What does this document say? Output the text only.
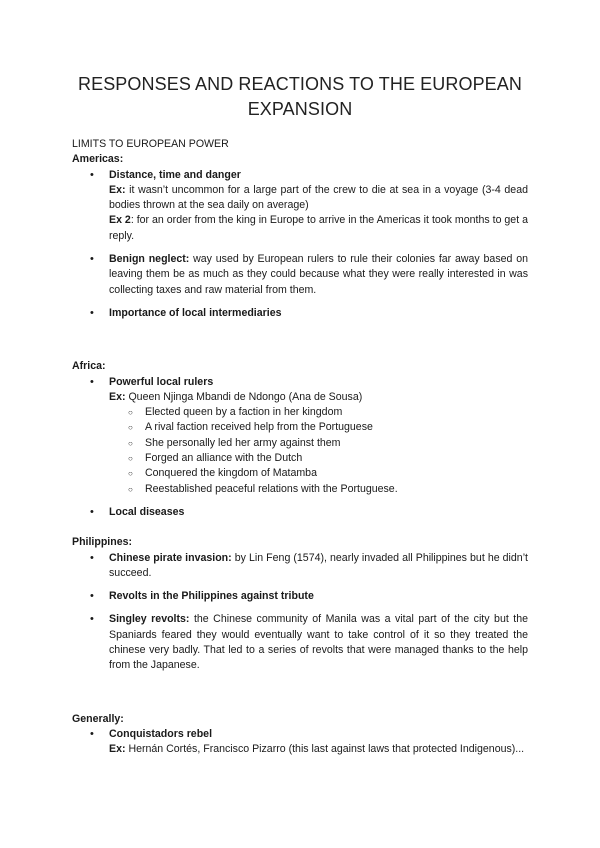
RESPONSES AND REACTIONS TO THE EUROPEAN EXPANSION

LIMITS TO EUROPEAN POWER

Americas:

• Distance, time and danger
Ex: it wasn’t uncommon for a large part of the crew to die at sea in a voyage (3-4 dead bodies thrown at the sea daily on average)
Ex 2: for an order from the king in Europe to arrive in the Americas it took months to get a reply.
• Benign neglect: way used by European rulers to rule their colonies far away based on leaving them be as much as they could because what they were really interested in was collecting taxes and raw material from them.
• Importance of local intermediaries

Africa:

• Powerful local rulers
Ex: Queen Njinga Mbandi de Ndongo (Ana de Sousa)
○ Elected queen by a faction in her kingdom
○ A rival faction received help from the Portuguese
○ She personally led her army against them
○ Forged an alliance with the Dutch
○ Conquered the kingdom of Matamba
○ Reestablished peaceful relations with the Portuguese.
• Local diseases

Philippines:

• Chinese pirate invasion: by Lin Feng (1574), nearly invaded all Philippines but he didn’t succeed.
• Revolts in the Philippines against tribute
• Singley revolts: the Chinese community of Manila was a vital part of the city but the Spaniards feared they would eventually want to take control of it so they treated the chinese very badly. That led to a series of revolts that were managed thanks to the help from the Japanese.

Generally:

• Conquistadors rebel
Ex: Hernán Cortés, Francisco Pizarro (this last against laws that protected Indigenous)...
